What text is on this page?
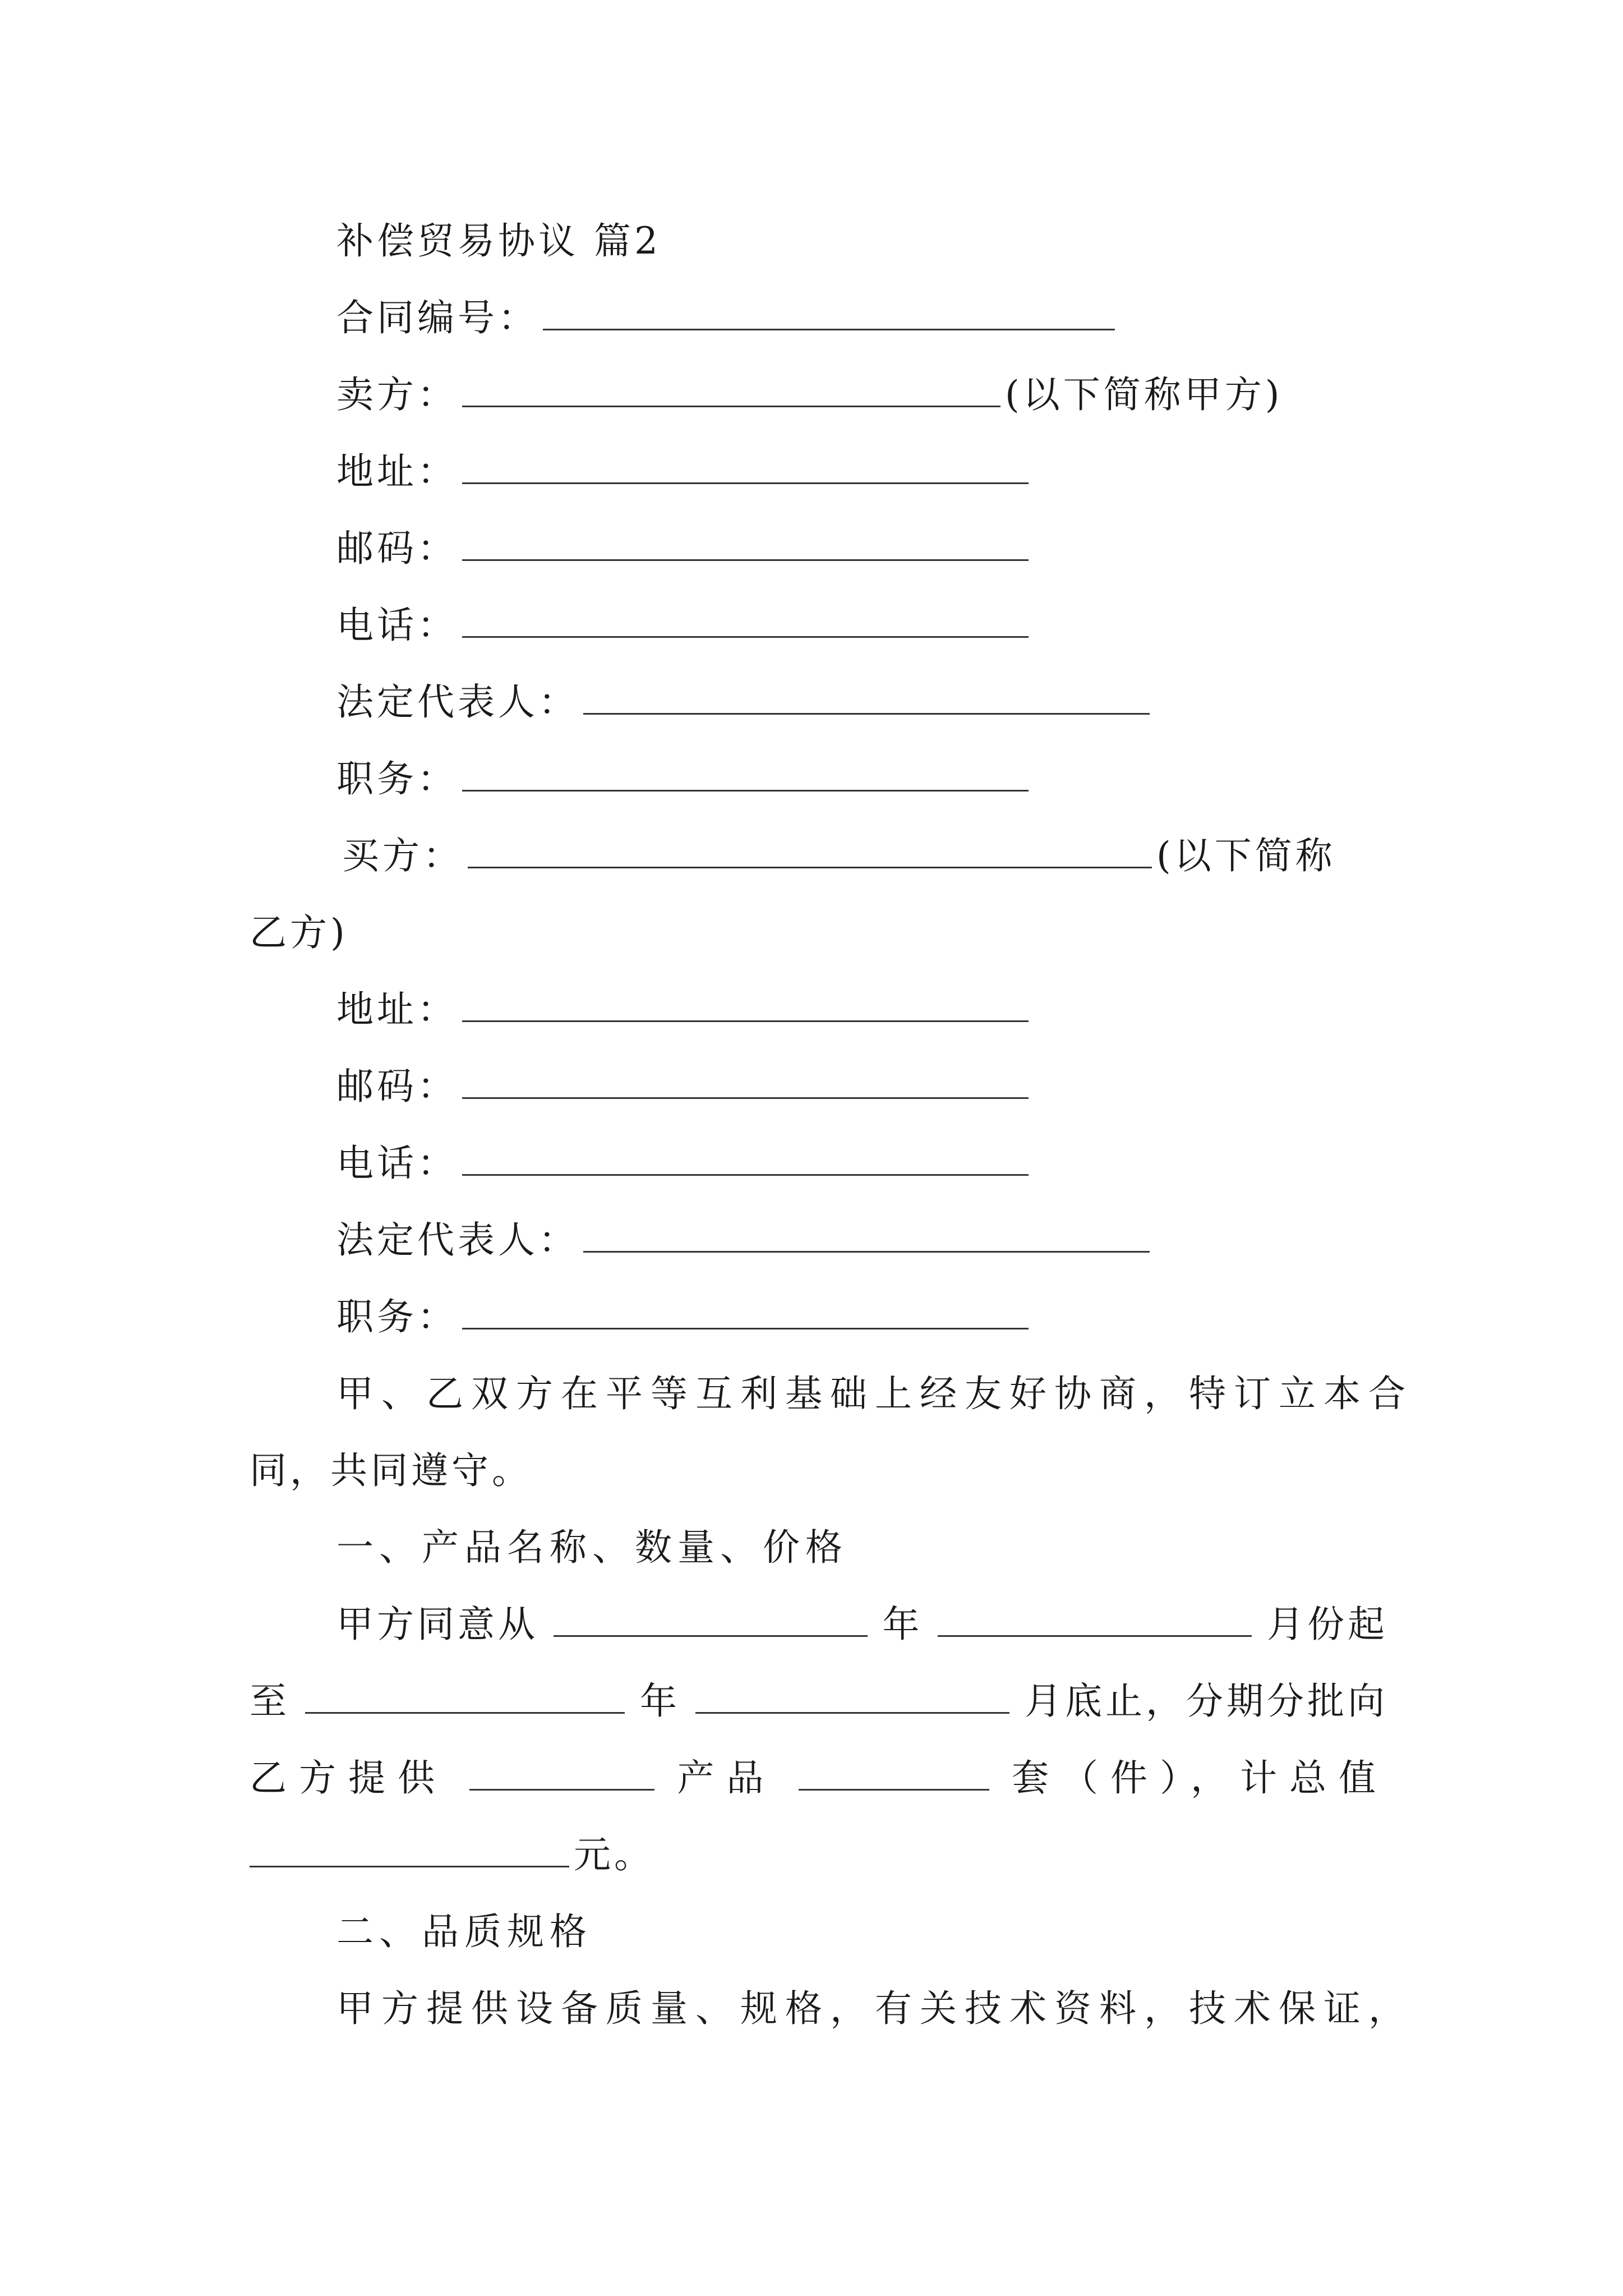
补偿贸易协议 篇2
合同编号：
卖方：	(以下简称甲方)
地址：
邮码：
电话：
法定代表人：
职务：
买方：	(以下简称
乙方)
地址：
邮码：
电话：
法定代表人：
职务：
甲、乙双方在平等互利基础上经友好协商，特订立本合
同，共同遵守。
一、产品名称、数量、价格
甲方同意从	年	月份起
至	年	月底止，分期分批向
乙方提供	产品	套（件），计总值
元。
二、品质规格
甲方提供设备质量、规格，有关技术资料，技术保证，
